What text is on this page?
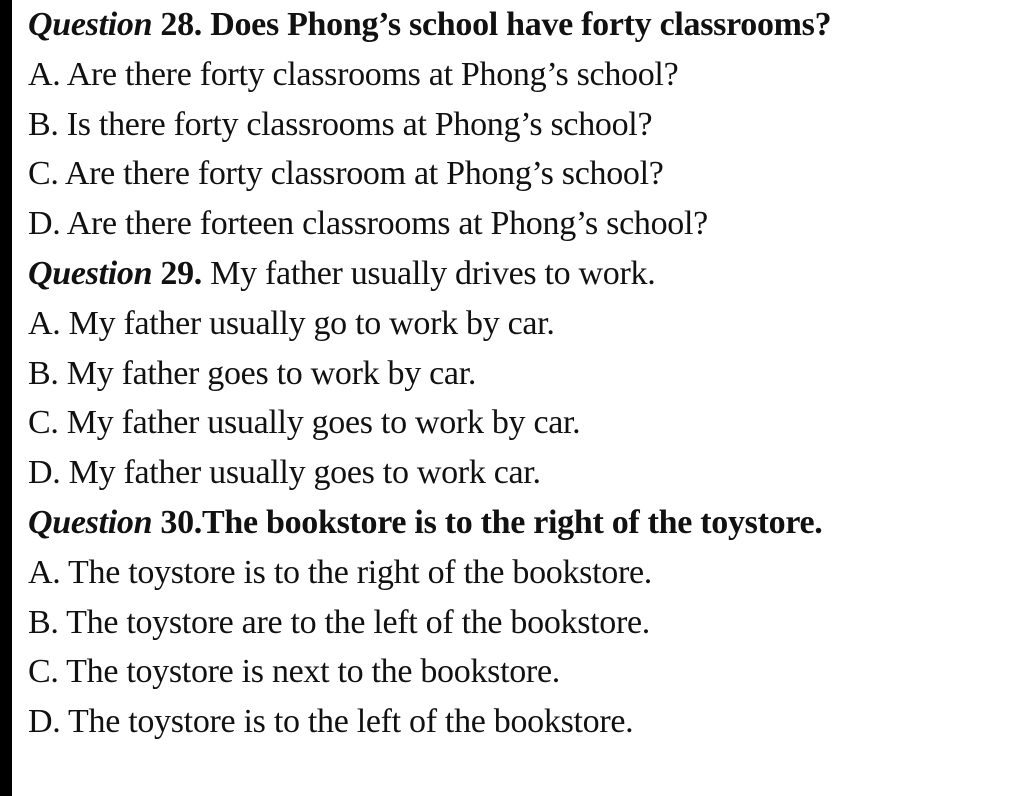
Question 28. Does Phong’s school have forty classrooms?
A. Are there forty classrooms at Phong’s school?
B. Is there forty classrooms at Phong’s school?
C. Are there forty classroom at Phong’s school?
D. Are there forteen classrooms at Phong’s school?
Question 29. My father usually drives to work.
A. My father usually go to work by car.
B. My father goes to work by car.
C. My father usually goes to work by car.
D. My father usually goes to work car.
Question 30.The bookstore is to the right of the toystore.
A. The toystore is to the right of the bookstore.
B. The toystore are to the left of the bookstore.
C. The toystore is next to the bookstore.
D. The toystore is to the left of the bookstore.
